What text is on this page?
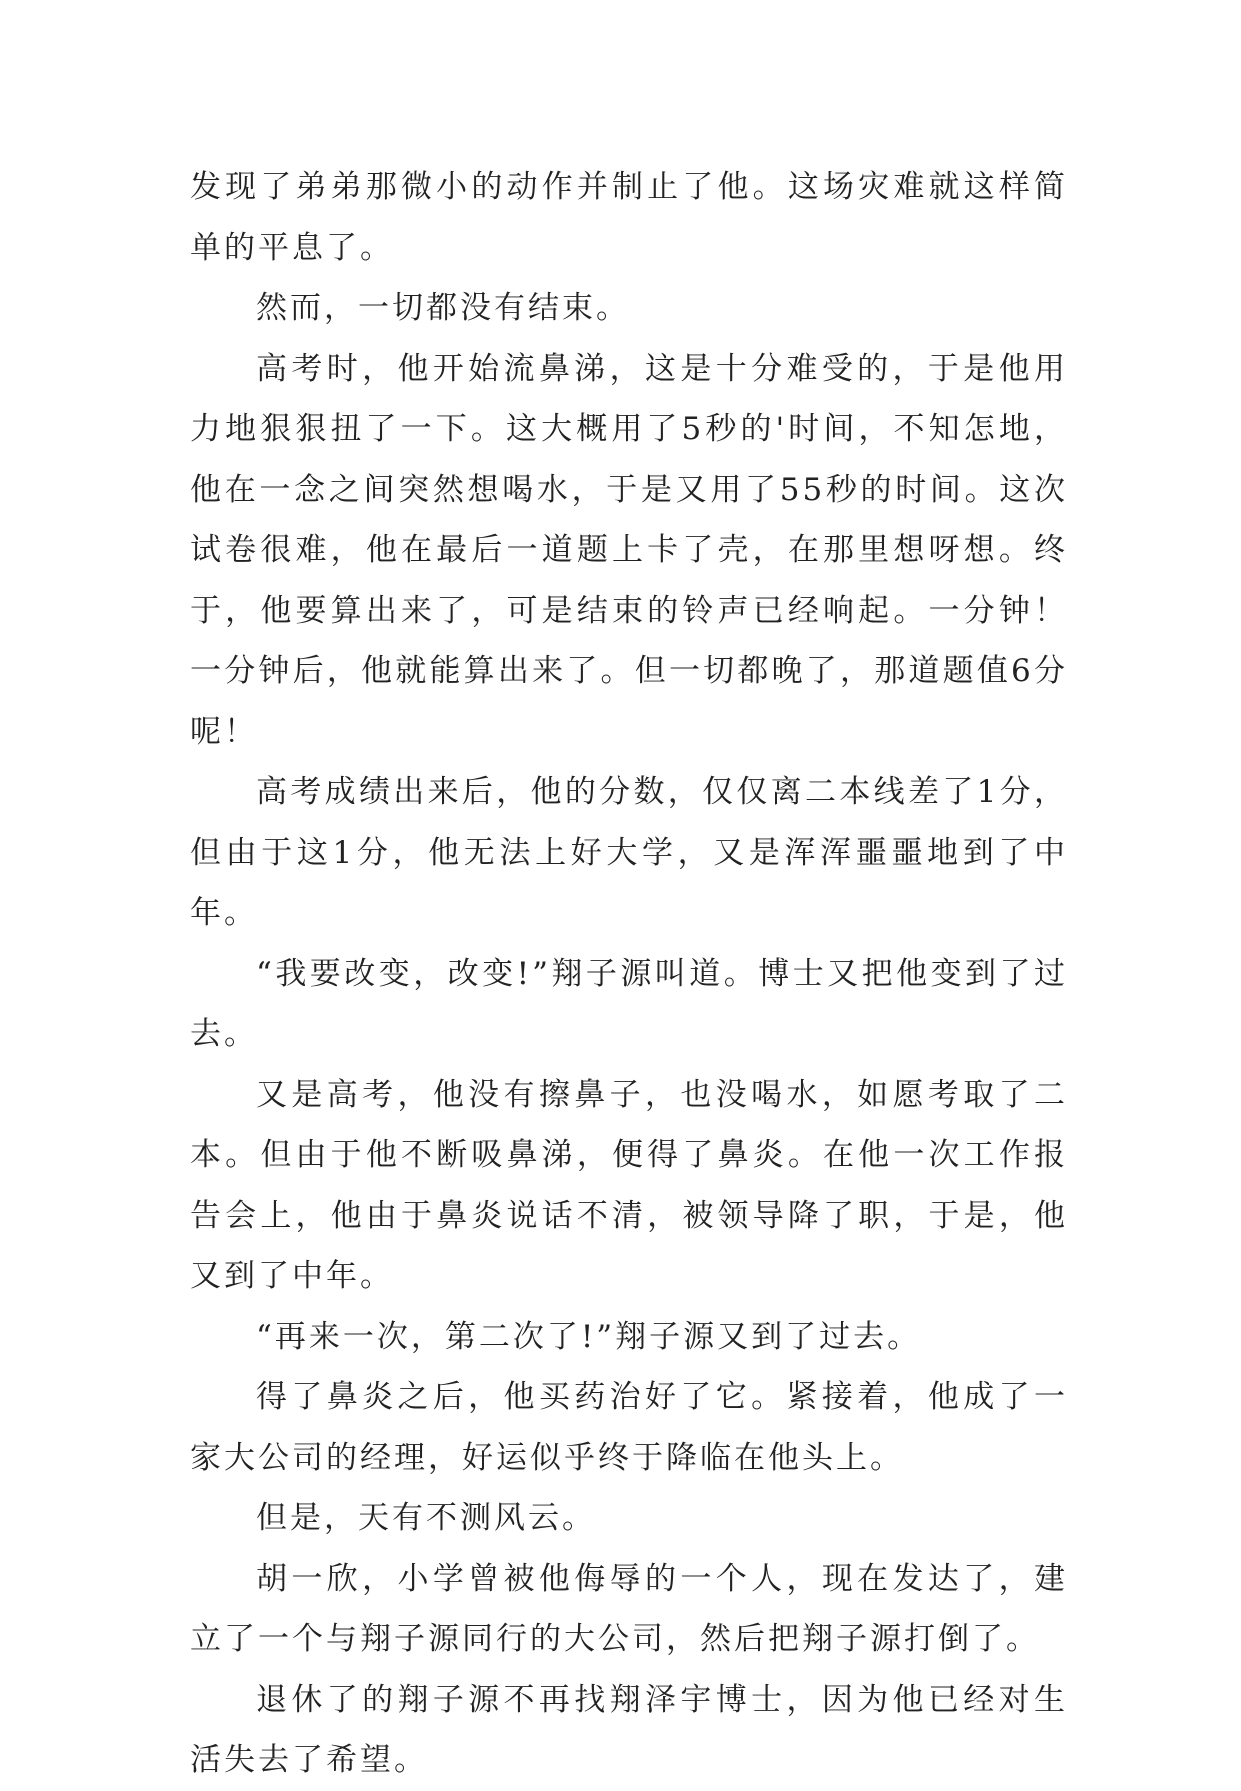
发现了弟弟那微小的动作并制止了他。这场灾难就这样简单的平息了。

然而，一切都没有结束。

高考时，他开始流鼻涕，这是十分难受的，于是他用力地狠狠扭了一下。这大概用了5秒的'时间，不知怎地，他在一念之间突然想喝水，于是又用了55秒的时间。这次试卷很难，他在最后一道题上卡了壳，在那里想呀想。终于，他要算出来了，可是结束的铃声已经响起。一分钟！一分钟后，他就能算出来了。但一切都晚了，那道题值6分呢！

高考成绩出来后，他的分数，仅仅离二本线差了1分，但由于这1分，他无法上好大学，又是浑浑噩噩地到了中年。

“我要改变，改变!”翔子源叫道。博士又把他变到了过去。

又是高考，他没有擦鼻子，也没喝水，如愿考取了二本。但由于他不断吸鼻涕，便得了鼻炎。在他一次工作报告会上，他由于鼻炎说话不清，被领导降了职，于是，他又到了中年。

“再来一次，第二次了!”翔子源又到了过去。

得了鼻炎之后，他买药治好了它。紧接着，他成了一家大公司的经理，好运似乎终于降临在他头上。

但是，天有不测风云。

胡一欣，小学曾被他侮辱的一个人，现在发达了，建立了一个与翔子源同行的大公司，然后把翔子源打倒了。

退休了的翔子源不再找翔泽宇博士，因为他已经对生活失去了希望。
